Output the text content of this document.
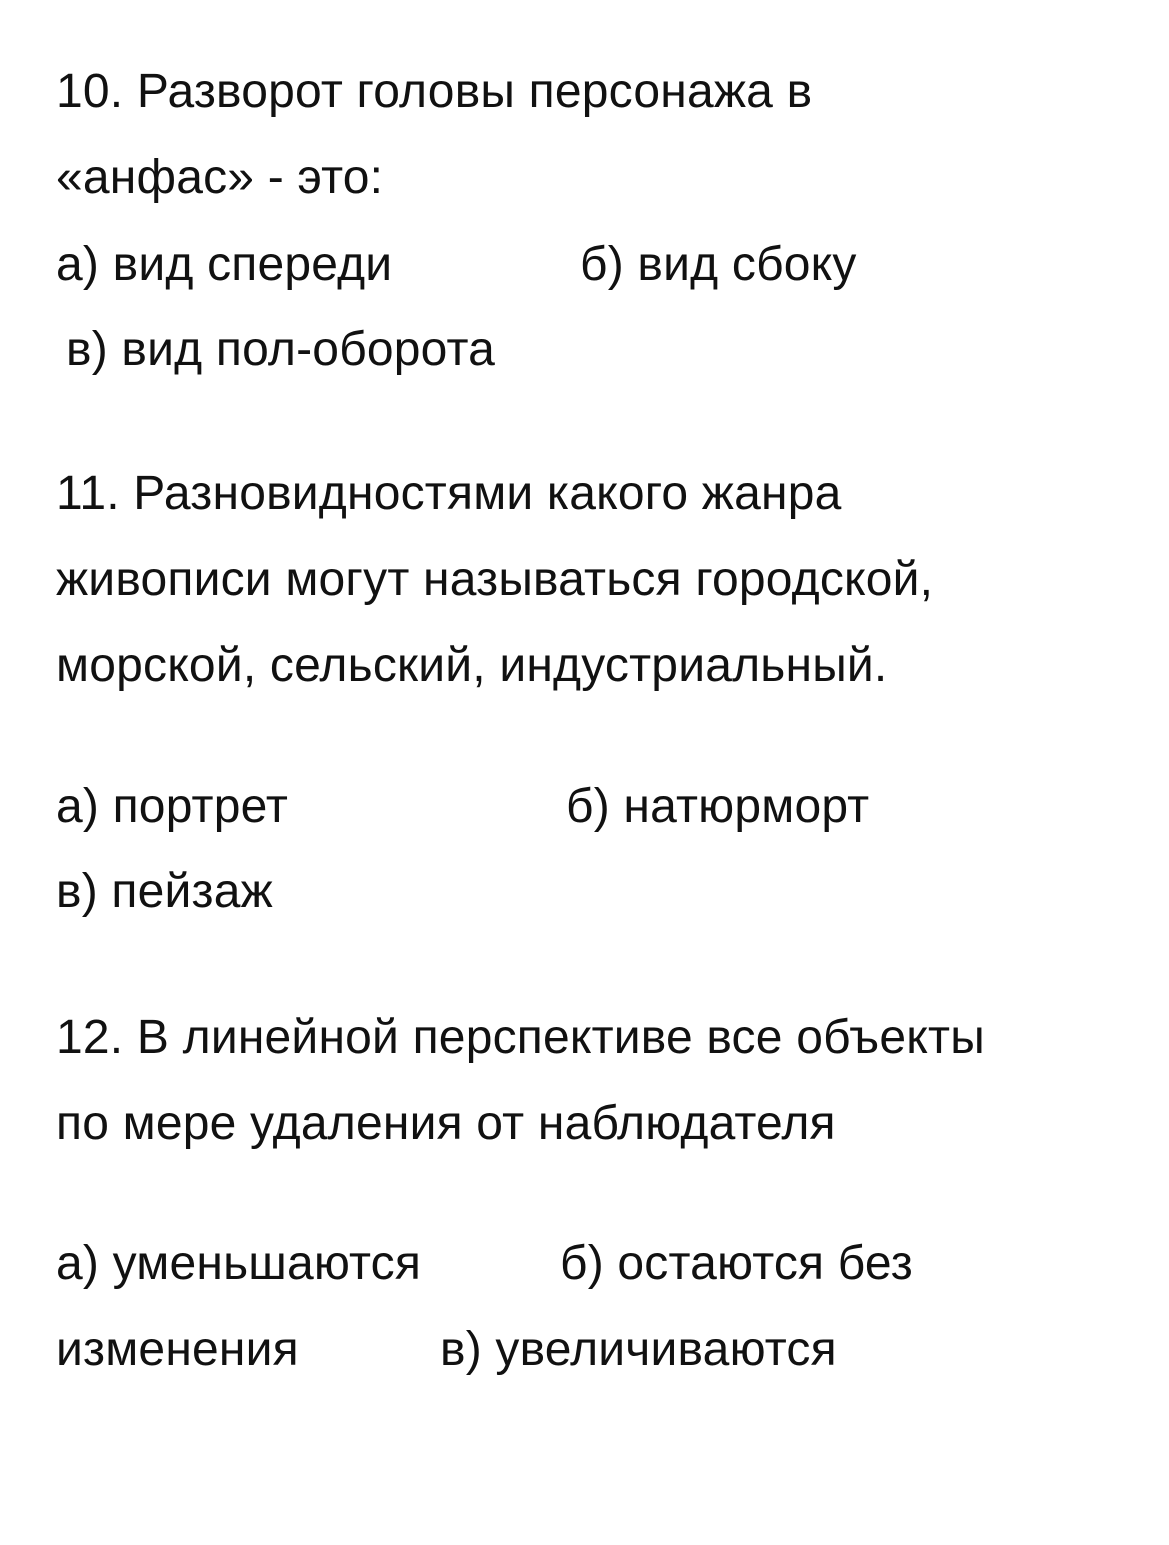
10. Разворот головы персонажа в
«анфас» - это:
а) вид спереди	б) вид сбоку
в) вид пол-оборота
11. Разновидностями какого жанра
живописи могут называться городской,
морской, сельский, индустриальный.
а) портрет	б) натюрморт
в) пейзаж
12. В линейной перспективе все объекты
по мере удаления от наблюдателя
а) уменьшаются	б) остаются без
изменения	в) увеличиваются
